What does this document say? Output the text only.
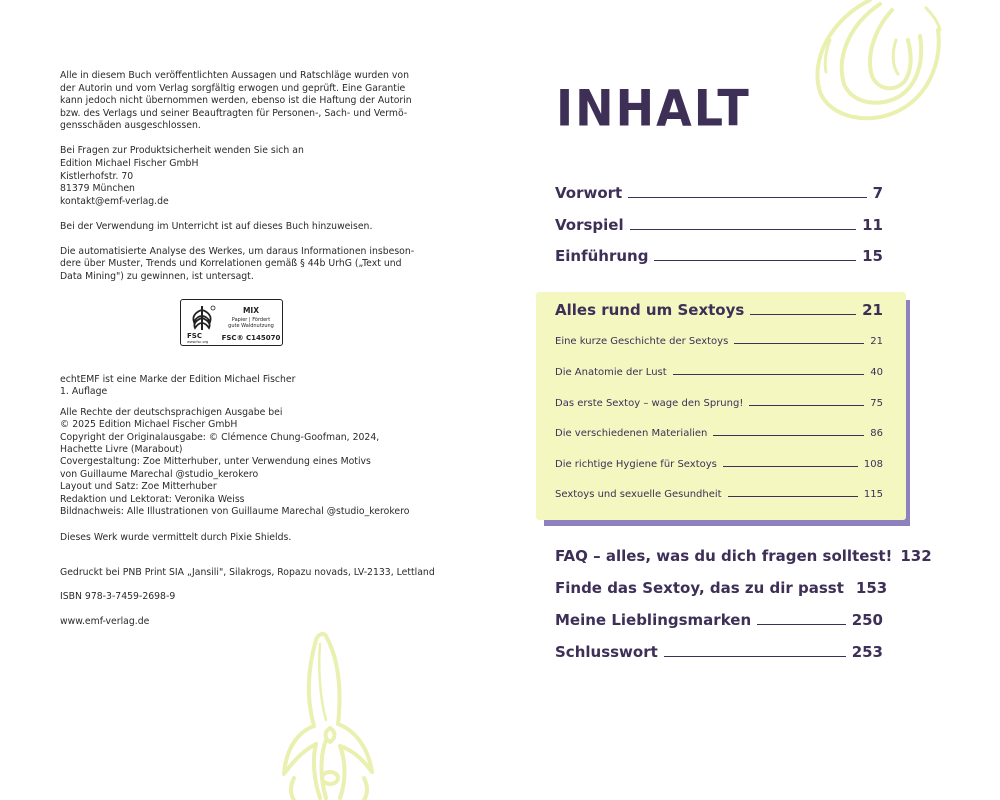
Alle in diesem Buch veröffentlichten Aussagen und Ratschläge wurden von
der Autorin und vom Verlag sorgfältig erwogen und geprüft. Eine Garantie
kann jedoch nicht übernommen werden, ebenso ist die Haftung der Autorin
bzw. des Verlags und seiner Beauftragten für Personen-, Sach- und Vermö-
gensschäden ausgeschlossen.

Bei Fragen zur Produktsicherheit wenden Sie sich an
Edition Michael Fischer GmbH
Kistlerhofstr. 70
81379 München
kontakt@emf-verlag.de

Bei der Verwendung im Unterricht ist auf dieses Buch hinzuweisen.

Die automatisierte Analyse des Werkes, um daraus Informationen insbeson-
dere über Muster, Trends und Korrelationen gemäß § 44b UrhG („Text und
Data Mining") zu gewinnen, ist untersagt.

FSC
www.fsc.org
MIX
Papier | Fördert
gute Waldnutzung
FSC® C145070

echtEMF ist eine Marke der Edition Michael Fischer

1. Auflage

Alle Rechte der deutschsprachigen Ausgabe bei

© 2025 Edition Michael Fischer GmbH

Copyright der Originalausgabe: © Clémence Chung-Goofman, 2024,

Hachette Livre (Marabout)

Covergestaltung: Zoe Mitterhuber, unter Verwendung eines Motivs

von Guillaume Marechal @studio_kerokero

Layout und Satz: Zoe Mitterhuber

Redaktion und Lektorat: Veronika Weiss

Bildnachweis: Alle Illustrationen von Guillaume Marechal @studio_kerokero

Dieses Werk wurde vermittelt durch Pixie Shields.

Gedruckt bei PNB Print SIA „Jansili", Silakrogs, Ropazu novads, LV-2133, Lettland

ISBN 978-3-7459-2698-9

www.emf-verlag.de

INHALT
Vorwort	7
Vorspiel	11
Einführung	15
Alles rund um Sextoys	21
Eine kurze Geschichte der Sextoys	21
Die Anatomie der Lust	40
Das erste Sextoy – wage den Sprung!	75
Die verschiedenen Materialien	86
Die richtige Hygiene für Sextoys	108
Sextoys und sexuelle Gesundheit	115
FAQ – alles, was du dich fragen solltest! 132
Finde das Sextoy, das zu dir passt 153
Meine Lieblingsmarken	250
Schlusswort	253
